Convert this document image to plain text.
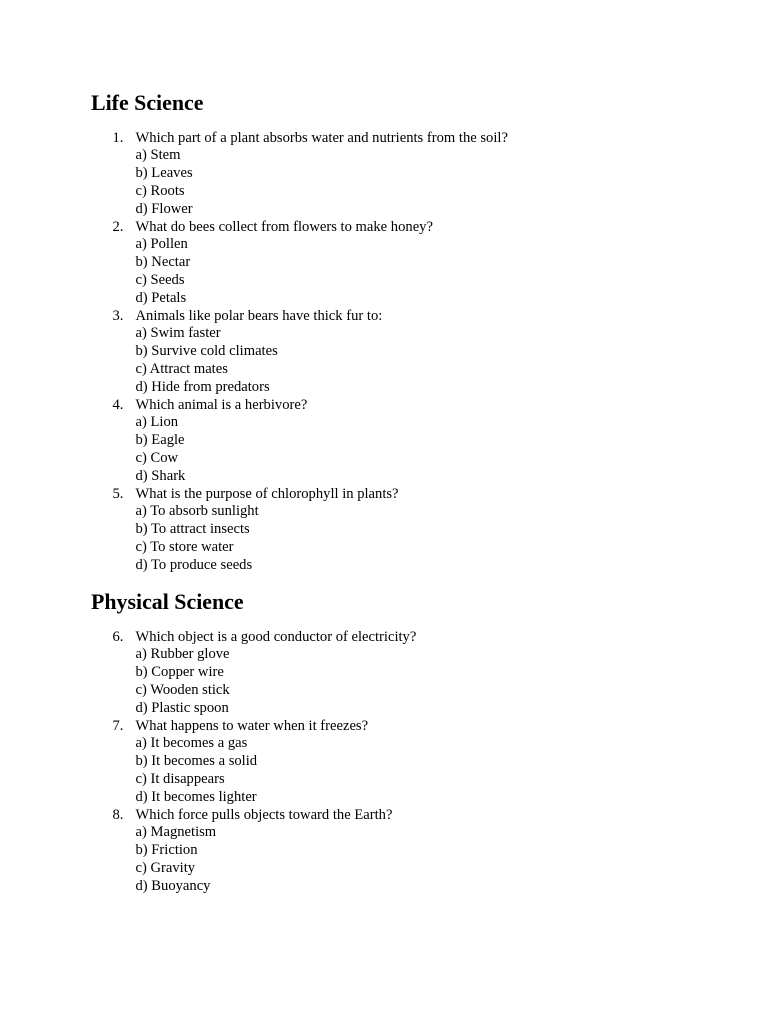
Life Science
1. Which part of a plant absorbs water and nutrients from the soil?
a) Stem
b) Leaves
c) Roots
d) Flower
2. What do bees collect from flowers to make honey?
a) Pollen
b) Nectar
c) Seeds
d) Petals
3. Animals like polar bears have thick fur to:
a) Swim faster
b) Survive cold climates
c) Attract mates
d) Hide from predators
4. Which animal is a herbivore?
a) Lion
b) Eagle
c) Cow
d) Shark
5. What is the purpose of chlorophyll in plants?
a) To absorb sunlight
b) To attract insects
c) To store water
d) To produce seeds
Physical Science
6. Which object is a good conductor of electricity?
a) Rubber glove
b) Copper wire
c) Wooden stick
d) Plastic spoon
7. What happens to water when it freezes?
a) It becomes a gas
b) It becomes a solid
c) It disappears
d) It becomes lighter
8. Which force pulls objects toward the Earth?
a) Magnetism
b) Friction
c) Gravity
d) Buoyancy
